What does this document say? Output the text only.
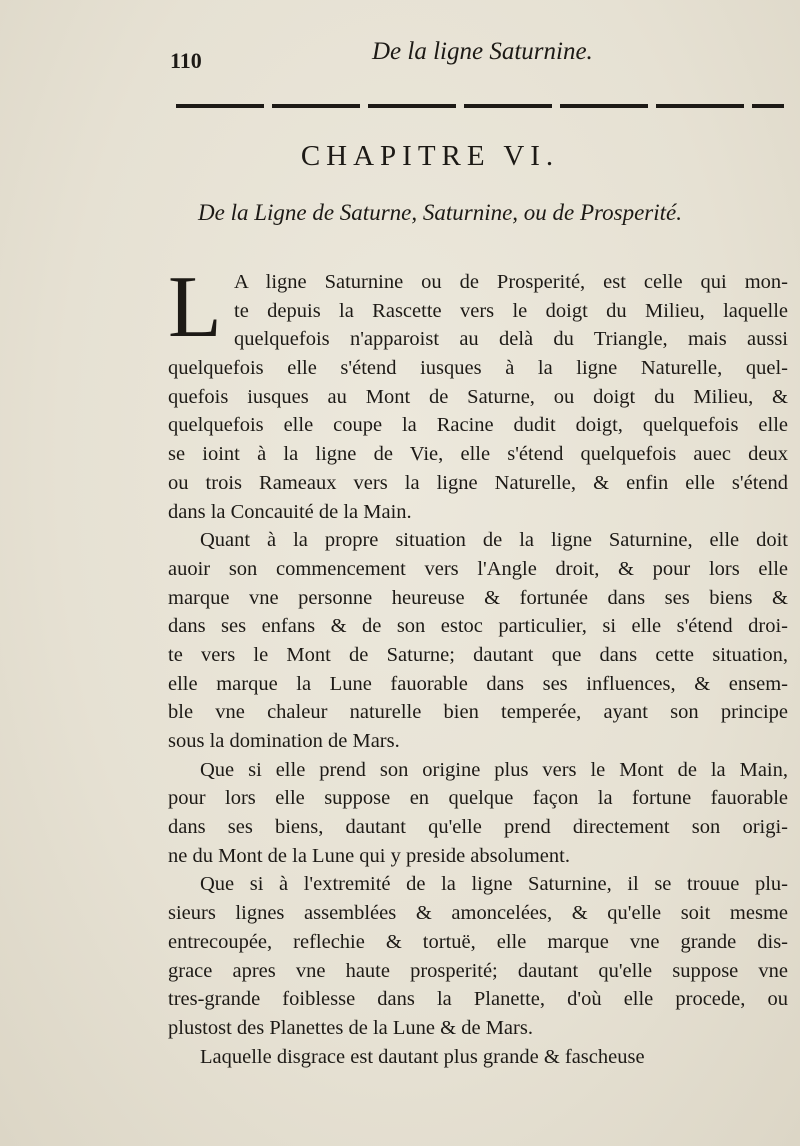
110	De la ligne Saturnine.
CHAPITRE VI.
De la Ligne de Saturne, Saturnine, ou de Prosperité.
L A ligne Saturnine ou de Prosperité, est celle qui mon-
te depuis la Rascette vers le doigt du Milieu, laquelle
quelquefois n'apparoist au delà du Triangle, mais aussi
quelquefois elle s'étend iusques à la ligne Naturelle, quel-
quefois iusques au Mont de Saturne, ou doigt du Milieu, &
quelquefois elle coupe la Racine dudit doigt, quelquefois elle
se ioint à la ligne de Vie, elle s'étend quelquefois auec deux
ou trois Rameaux vers la ligne Naturelle, & enfin elle s'étend
dans la Concauité de la Main.
Quant à la propre situation de la ligne Saturnine, elle doit
auoir son commencement vers l'Angle droit, & pour lors elle
marque vne personne heureuse & fortunée dans ses biens &
dans ses enfans & de son estoc particulier, si elle s'étend droi-
te vers le Mont de Saturne; dautant que dans cette situation,
elle marque la Lune fauorable dans ses influences, & ensem-
ble vne chaleur naturelle bien temperée, ayant son principe
sous la domination de Mars.
Que si elle prend son origine plus vers le Mont de la Main,
pour lors elle suppose en quelque façon la fortune fauorable
dans ses biens, dautant qu'elle prend directement son origi-
ne du Mont de la Lune qui y preside absolument.
Que si à l'extremité de la ligne Saturnine, il se trouue plu-
sieurs lignes assemblées & amoncelées, & qu'elle soit mesme
entrecoupée, reflechie & tortuë, elle marque vne grande dis-
grace apres vne haute prosperité; dautant qu'elle suppose vne
tres-grande foiblesse dans la Planette, d'où elle procede, ou
plustost des Planettes de la Lune & de Mars.
Laquelle disgrace est dautant plus grande & fascheuse
